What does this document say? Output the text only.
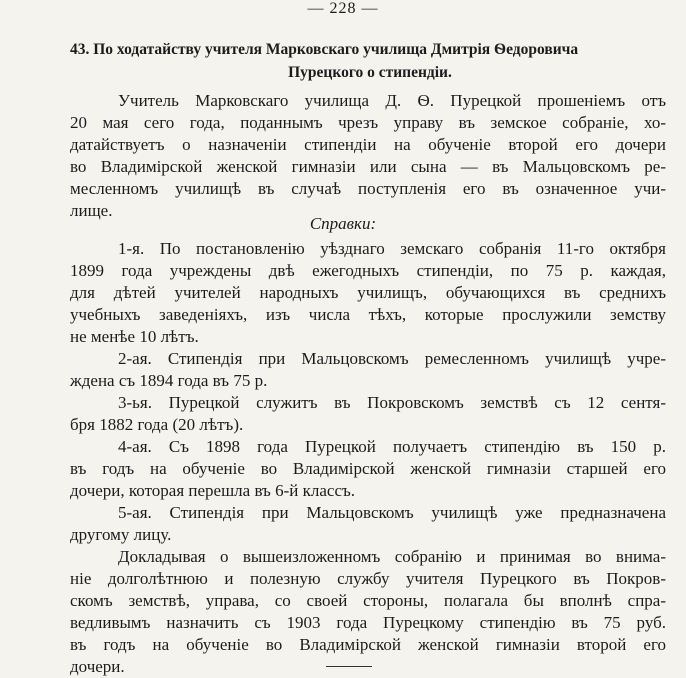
— 228 —
43. По ходатайству учителя Марковскаго училища Дмитрія Ѳедоровича
Пурецкого о стипендіи.
Учитель Марковскаго училища Д. Ѳ. Пурецкой прошеніемъ отъ
20 мая сего года, поданнымъ чрезъ управу въ земское собраніе, хо-
датайствуетъ о назначеніи стипендіи на обученіе второй его дочери
во Владимірской женской гимназіи или сына — въ Мальцовскомъ ре-
месленномъ училищѣ въ случаѣ поступленія его въ означенное учи-
лище.
Справки:
1-я. По постановленію уѣзднаго земскаго собранія 11-го октября
1899 года учреждены двѣ ежегодныхъ стипендіи, по 75 р. каждая,
для дѣтей учителей народныхъ училищъ, обучающихся въ среднихъ
учебныхъ заведеніяхъ, изъ числа тѣхъ, которые прослужили земству
не менѣе 10 лѣтъ.
2-ая. Стипендія при Мальцовскомъ ремесленномъ училищѣ учре-
ждена съ 1894 года въ 75 р.
3-ья. Пурецкой служитъ въ Покровскомъ земствѣ съ 12 сентя-
бря 1882 года (20 лѣтъ).
4-ая. Съ 1898 года Пурецкой получаетъ стипендію въ 150 р.
въ годъ на обученіе во Владимірской женской гимназіи старшей его
дочери, которая перешла въ 6-й классъ.
5-ая. Стипендія при Мальцовскомъ училищѣ уже предназначена
другому лицу.
Докладывая о вышеизложенномъ собранію и принимая во внима-
ніе долголѣтнюю и полезную службу учителя Пурецкого въ Покров-
скомъ земствѣ, управа, со своей стороны, полагала бы вполнѣ спра-
ведливымъ назначить съ 1903 года Пурецкому стипендію въ 75 руб.
въ годъ на обученіе во Владимірской женской гимназіи второй его
дочери.
